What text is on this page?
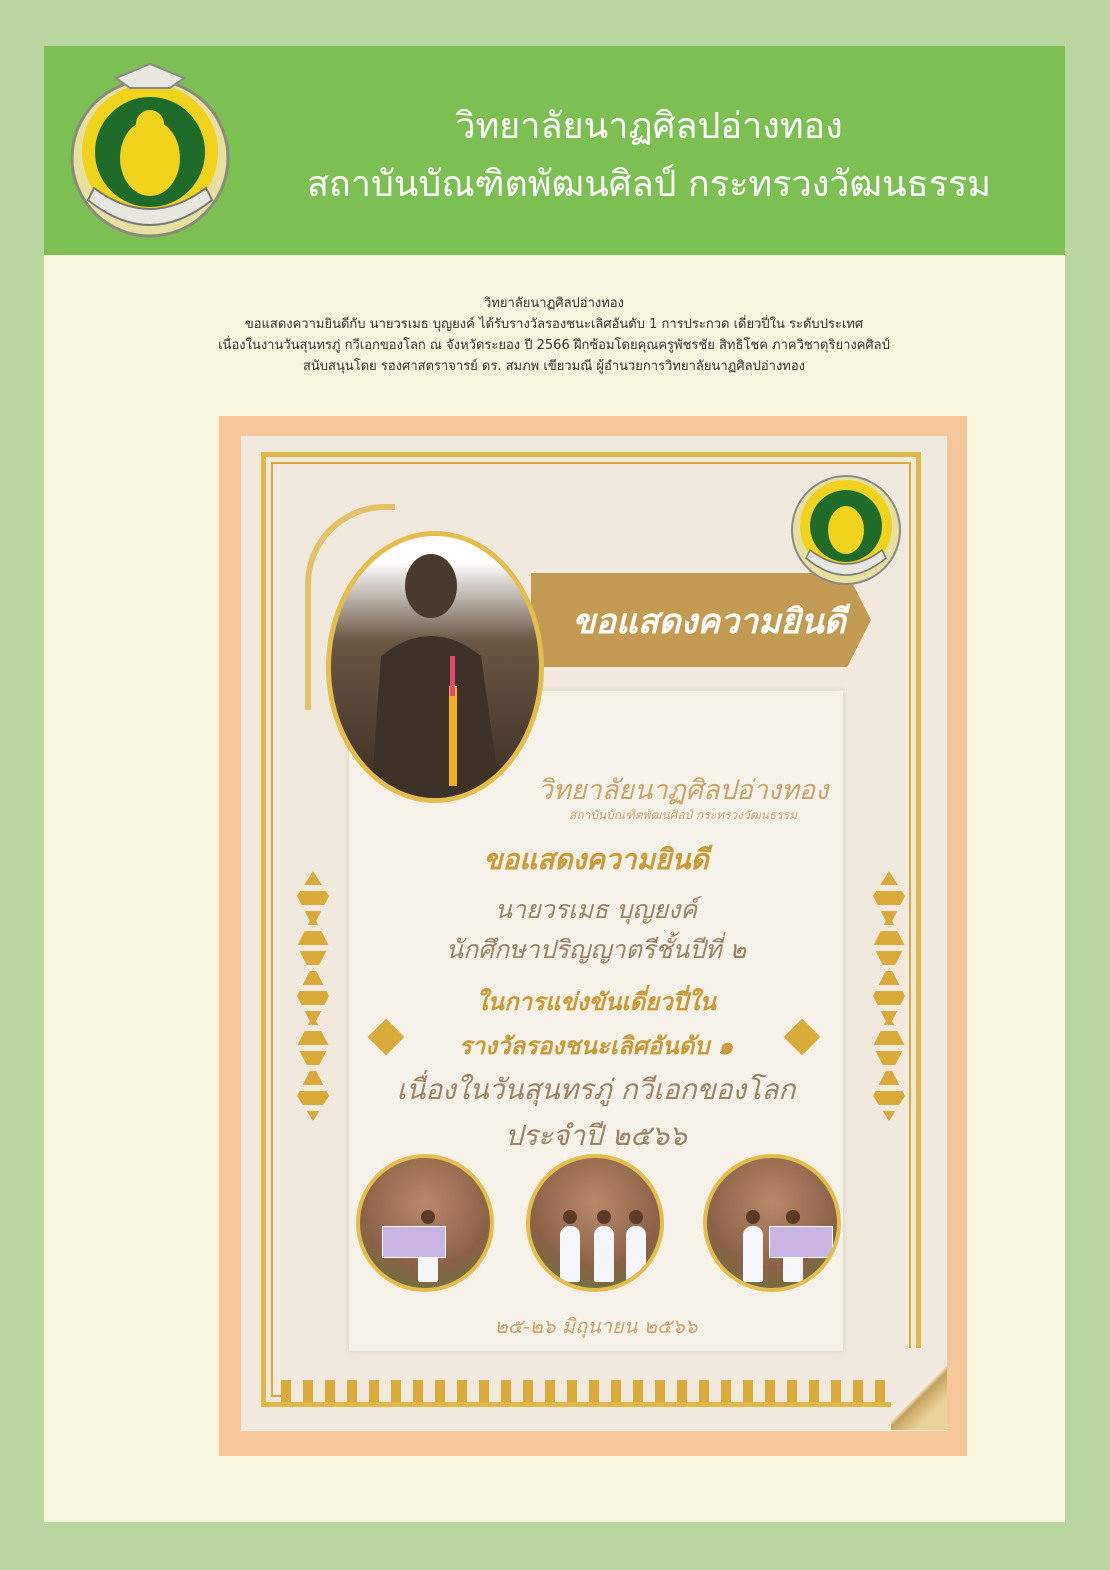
วิทยาลัยนาฏศิลปอ่างทอง
สถาบันบัณฑิตพัฒนศิลป์ กระทรวงวัฒนธรรม
วิทยาลัยนาฏศิลปอ่างทอง
ขอแสดงความยินดีกับ นายวรเมธ บุญยงค์ ได้รับรางวัลรองชนะเลิศอันดับ 1 การประกวด เดี่ยวปี่ใน ระดับประเทศ
เนื่องในงานวันสุนทรภู่ กวีเอกของโลก ณ จังหวัดระยอง ปี 2566 ฝึกซ้อมโดยคุณครูพัชรชัย สิทธิโชค ภาควิชาดุริยางคศิลป์
สนับสนุนโดย รองศาสตราจารย์ ดร. สมภพ เขียวมณี ผู้อำนวยการวิทยาลัยนาฏศิลปอ่างทอง
ขอแสดงความยินดี
วิทยาลัยนาฏศิลปอ่างทอง
สถาบันบัณฑิตพัฒนศิลป์ กระทรวงวัฒนธรรม
ขอแสดงความยินดี
นายวรเมธ บุญยงค์
นักศึกษาปริญญาตรีชั้นปีที่ ๒
ในการแข่งขันเดี่ยวปี่ใน
รางวัลรองชนะเลิศอันดับ ๑
เนื่องในวันสุนทรภู่ กวีเอกของโลก
ประจำปี ๒๕๖๖
๒๕-๒๖ มิถุนายน ๒๕๖๖
